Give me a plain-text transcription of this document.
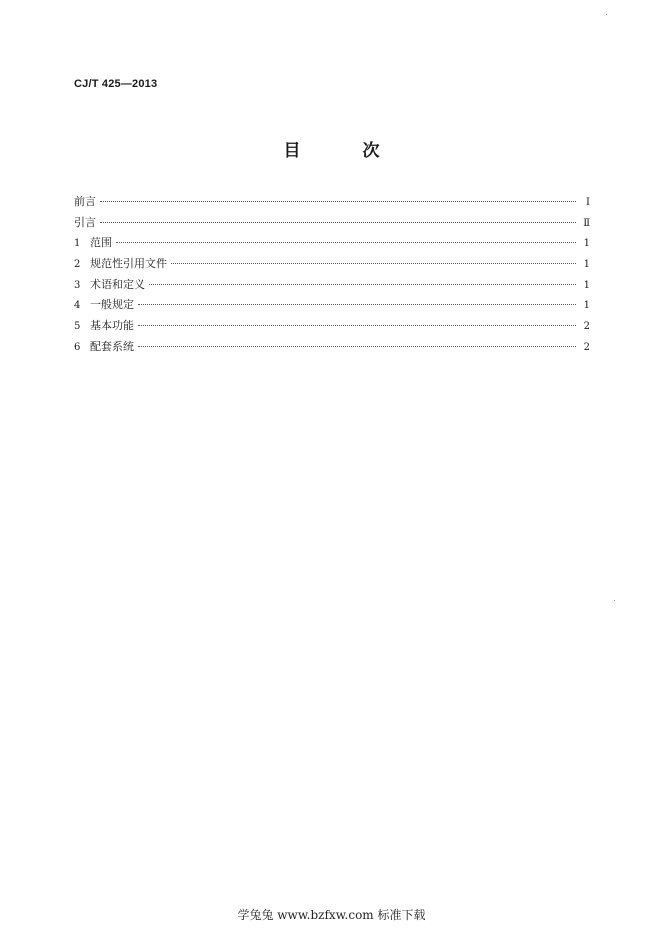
CJ/T 425—2013
目 次
前言	Ⅰ
引言	Ⅱ
1 范围	1
2 规范性引用文件	1
3 术语和定义	1
4 一般规定	1
5 基本功能	2
6 配套系统	2
学兔兔 www.bzfxw.com 标准下载
